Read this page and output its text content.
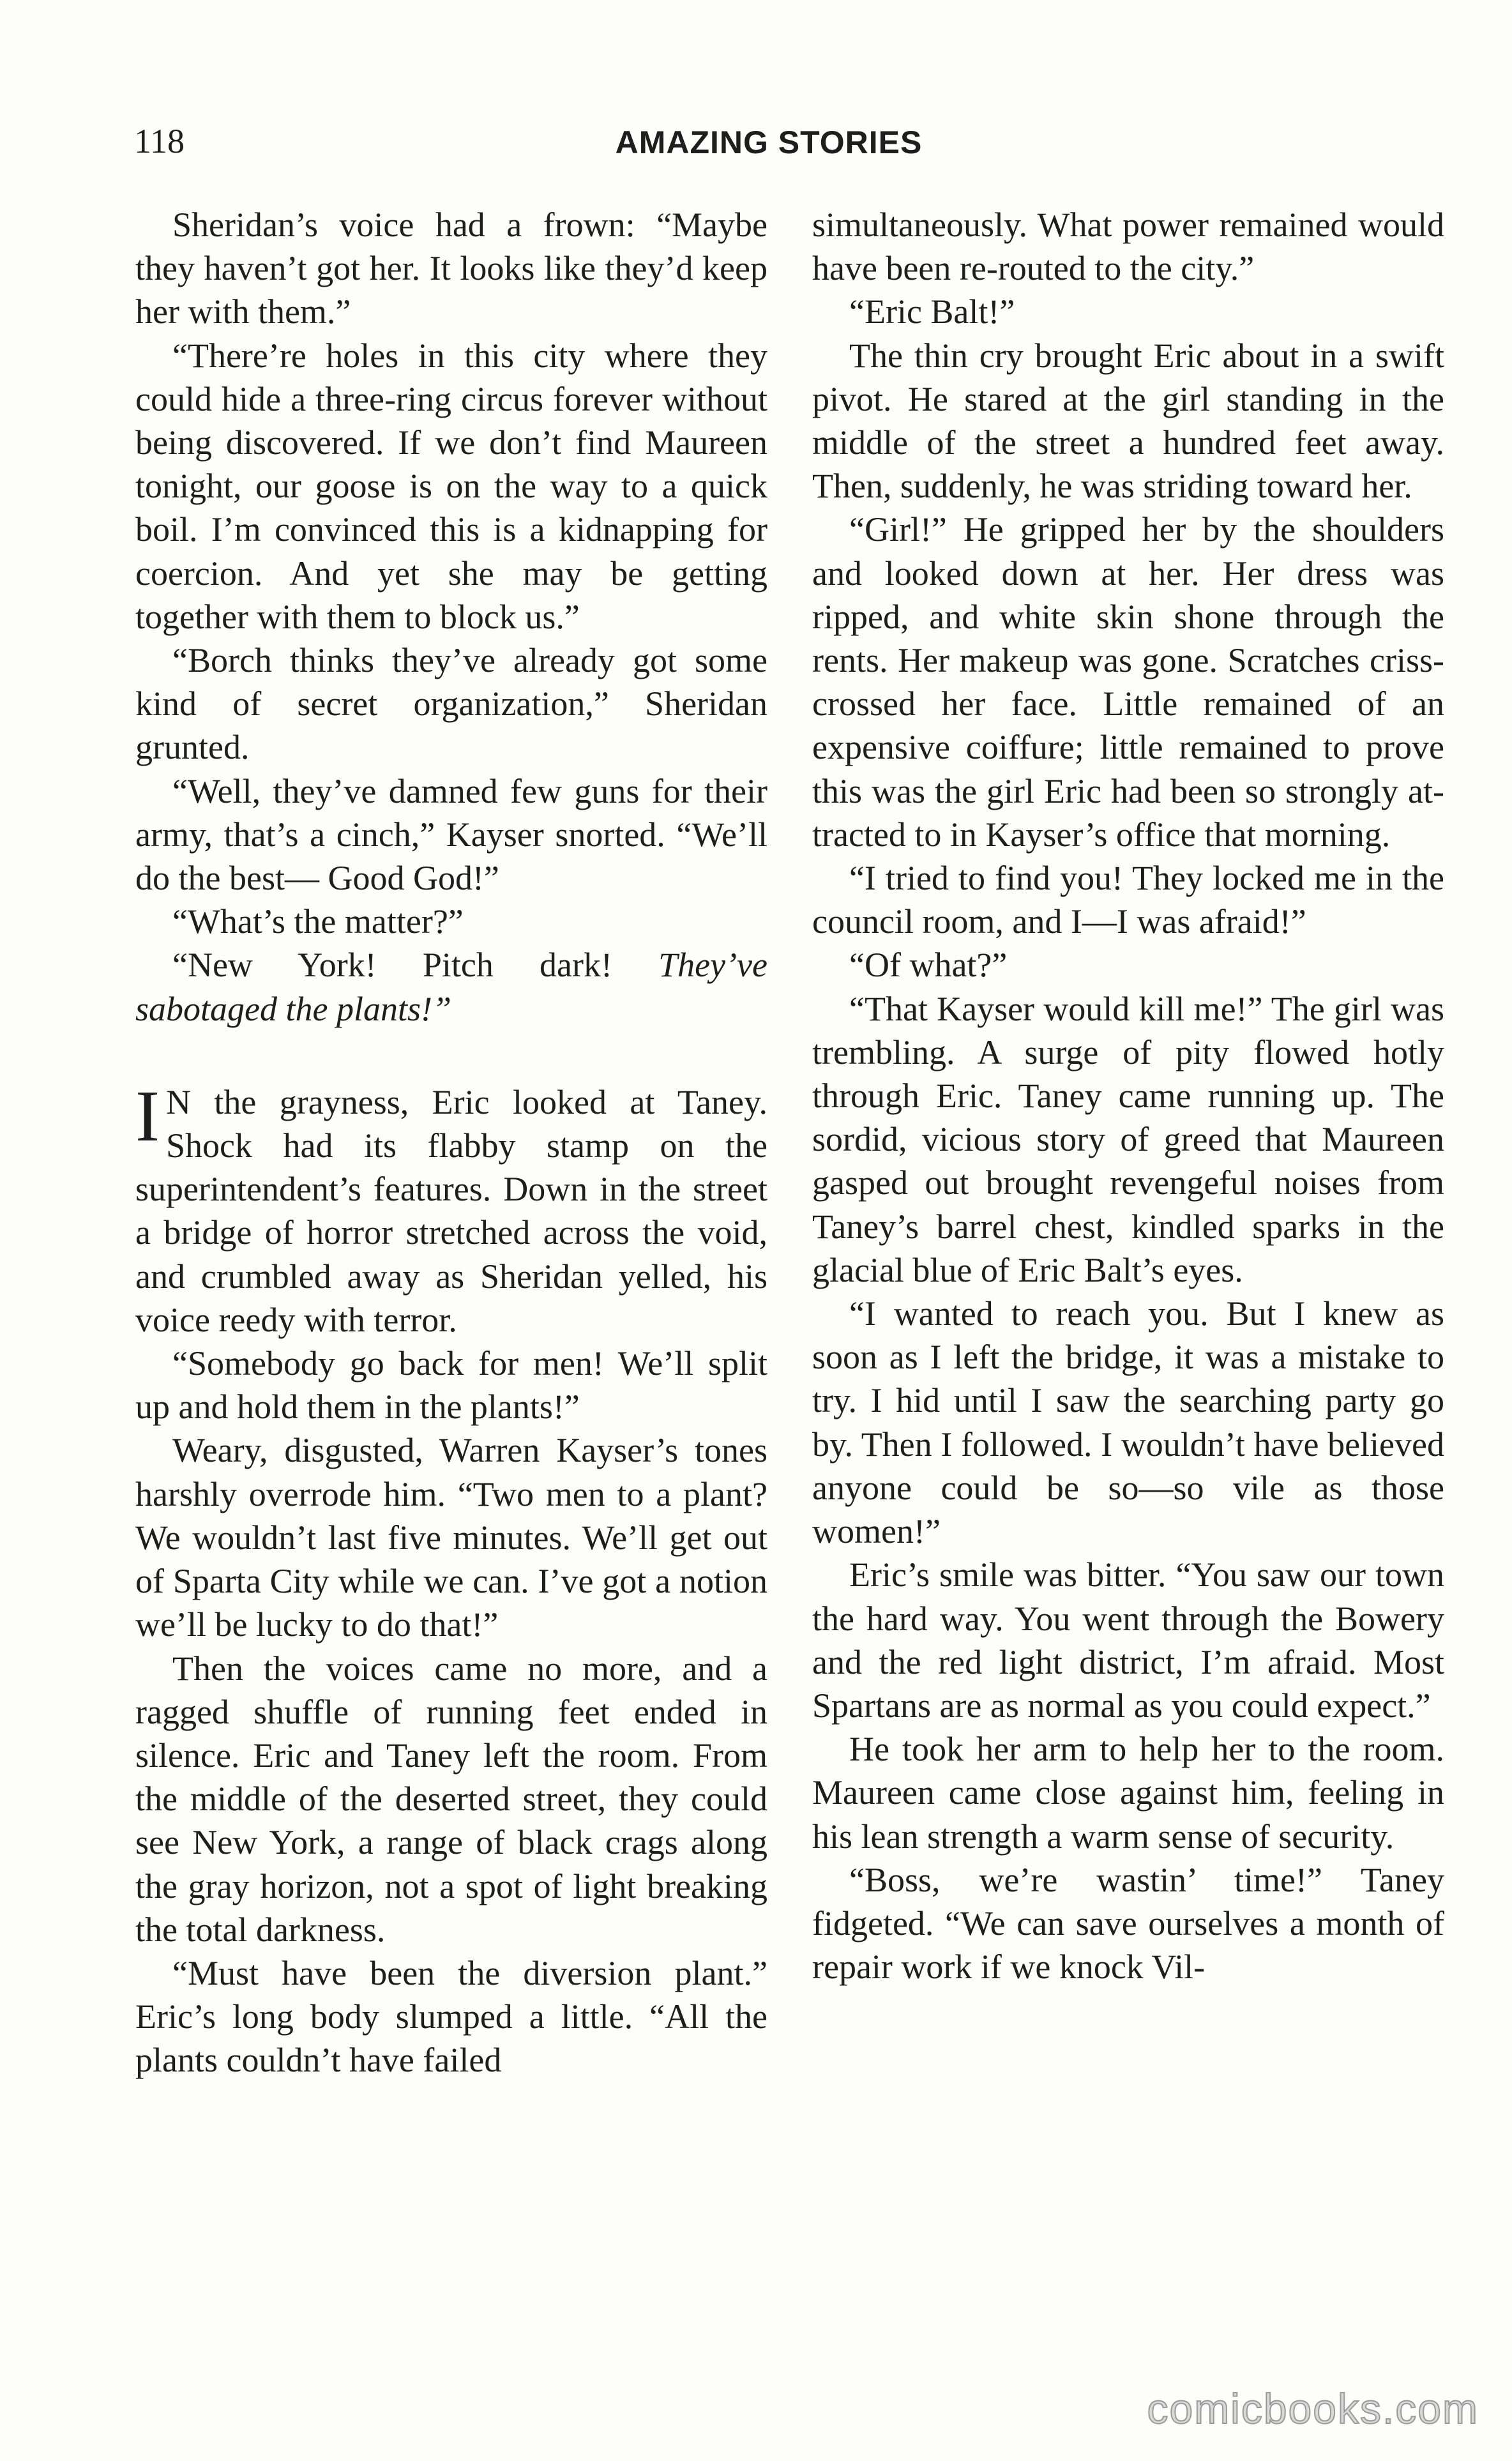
118	AMAZING STORIES

Sheridan’s voice had a frown: “Maybe they haven’t got her. It looks like they’d keep her with them.”

“There’re holes in this city where they could hide a three-ring circus forever without being discovered. If we don’t find Maureen tonight, our goose is on the way to a quick boil. I’m convinced this is a kidnapping for coercion. And yet she may be getting together with them to block us.”

“Borch thinks they’ve already got some kind of secret organization,” Sheridan grunted.

“Well, they’ve damned few guns for their army, that’s a cinch,” Kayser snorted. “We’ll do the best— Good God!”

“What’s the matter?”

“New York! Pitch dark! They’ve sabotaged the plants!”

I N the grayness, Eric looked at Taney. Shock had its flabby stamp on the superintendent’s features. Down in the street a bridge of horror stretched across the void, and crumbled away as Sheridan yelled, his voice reedy with terror.

“Somebody go back for men! We’ll split up and hold them in the plants!”

Weary, disgusted, Warren Kayser’s tones harshly overrode him. “Two men to a plant? We wouldn’t last five minutes. We’ll get out of Sparta City while we can. I’ve got a notion we’ll be lucky to do that!”

Then the voices came no more, and a ragged shuffle of running feet ended in silence. Eric and Taney left the room. From the middle of the deserted street, they could see New York, a range of black crags along the gray horizon, not a spot of light breaking the total darkness.

“Must have been the diversion plant.” Eric’s long body slumped a little. “All the plants couldn’t have failed

simultaneously. What power remained would have been re-routed to the city.”

“Eric Balt!”

The thin cry brought Eric about in a swift pivot. He stared at the girl standing in the middle of the street a hundred feet away. Then, suddenly, he was striding toward her.

“Girl!” He gripped her by the shoulders and looked down at her. Her dress was ripped, and white skin shone through the rents. Her makeup was gone. Scratches criss-crossed her face. Little remained of an expensive coiffure; little remained to prove this was the girl Eric had been so strongly attracted to in Kayser’s office that morning.

“I tried to find you! They locked me in the council room, and I—I was afraid!”

“Of what?”

“That Kayser would kill me!” The girl was trembling. A surge of pity flowed hotly through Eric. Taney came running up. The sordid, vicious story of greed that Maureen gasped out brought revengeful noises from Taney’s barrel chest, kindled sparks in the glacial blue of Eric Balt’s eyes.

“I wanted to reach you. But I knew as soon as I left the bridge, it was a mistake to try. I hid until I saw the searching party go by. Then I followed. I wouldn’t have believed anyone could be so—so vile as those women!”

Eric’s smile was bitter. “You saw our town the hard way. You went through the Bowery and the red light district, I’m afraid. Most Spartans are as normal as you could expect.”

He took her arm to help her to the room. Maureen came close against him, feeling in his lean strength a warm sense of security.

“Boss, we’re wastin’ time!” Taney fidgeted. “We can save ourselves a month of repair work if we knock Vil-

comicbooks.com
